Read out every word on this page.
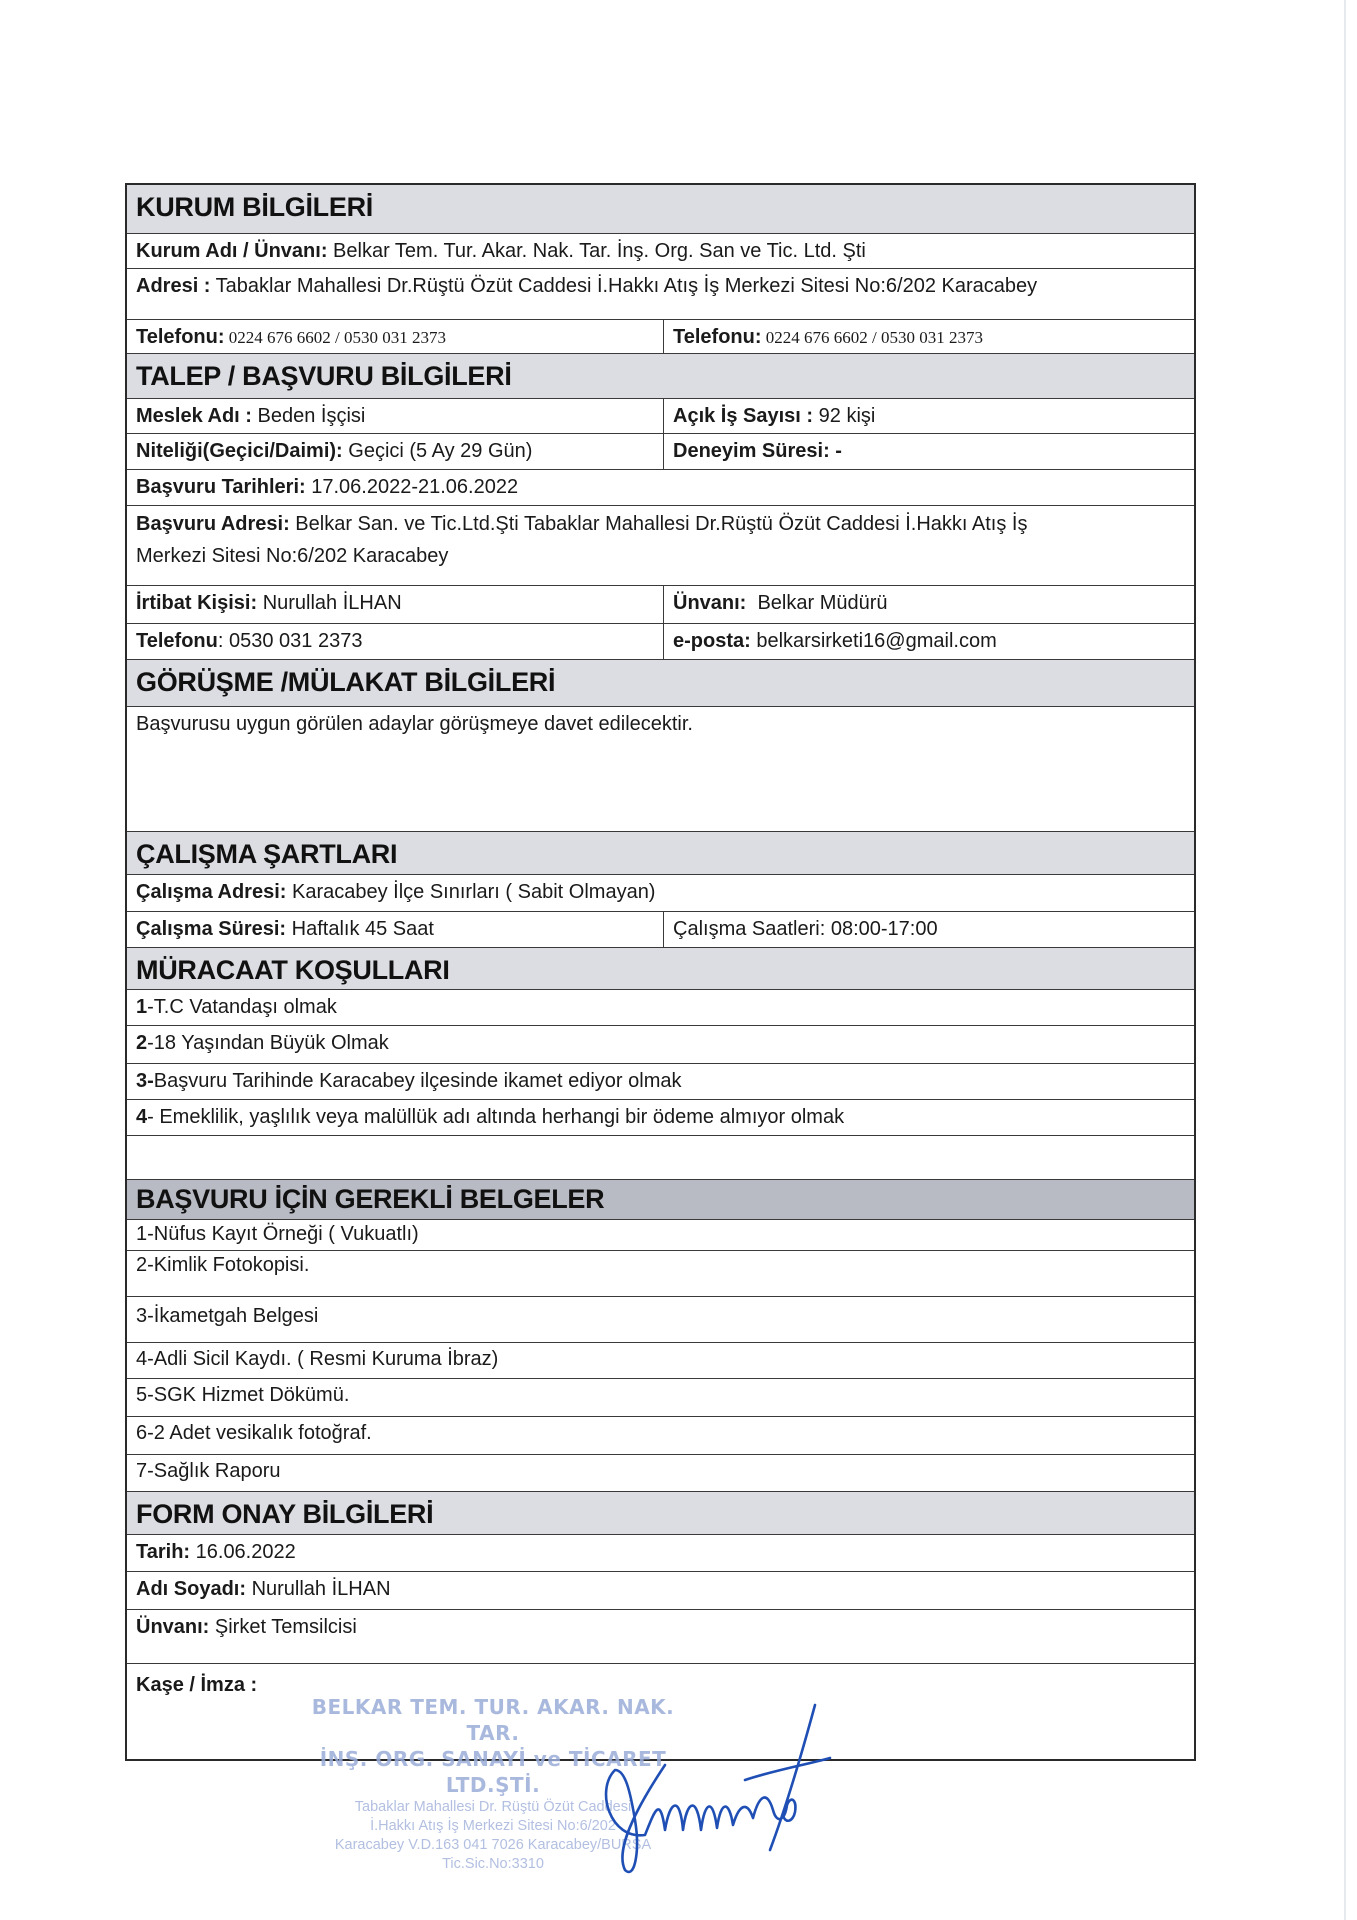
KURUM BİLGİLERİ
Kurum Adı / Ünvanı: Belkar Tem. Tur. Akar. Nak. Tar. İnş. Org. San ve Tic. Ltd. Şti
Adresi : Tabaklar Mahallesi Dr.Rüştü Özüt Caddesi İ.Hakkı Atış İş Merkezi Sitesi No:6/202 Karacabey
Telefonu: 0224 676 6602 / 0530 031 2373	Telefonu: 0224 676 6602 / 0530 031 2373
TALEP / BAŞVURU BİLGİLERİ
Meslek Adı : Beden İşçisi	Açık İş Sayısı : 92 kişi
Niteliği(Geçici/Daimi): Geçici (5 Ay 29 Gün)	Deneyim Süresi: -
Başvuru Tarihleri: 17.06.2022-21.06.2022
Başvuru Adresi: Belkar San. ve Tic.Ltd.Şti Tabaklar Mahallesi Dr.Rüştü Özüt Caddesi İ.Hakkı Atış İş Merkezi Sitesi No:6/202 Karacabey
İrtibat Kişisi: Nurullah İLHAN	Ünvanı:  Belkar Müdürü
Telefonu: 0530 031 2373	e-posta: belkarsirketi16@gmail.com
GÖRÜŞME /MÜLAKAT BİLGİLERİ
Başvurusu uygun görülen adaylar görüşmeye davet edilecektir.
ÇALIŞMA ŞARTLARI
Çalışma Adresi: Karacabey İlçe Sınırları ( Sabit Olmayan)
Çalışma Süresi: Haftalık 45 Saat	Çalışma Saatleri: 08:00-17:00
MÜRACAAT KOŞULLARI
1-T.C Vatandaşı olmak
2-18 Yaşından Büyük Olmak
3-Başvuru Tarihinde Karacabey ilçesinde ikamet ediyor olmak
4- Emeklilik, yaşlılık veya malüllük adı altında herhangi bir ödeme almıyor olmak
BAŞVURU İÇİN GEREKLİ BELGELER
1-Nüfus Kayıt Örneği ( Vukuatlı)
2-Kimlik Fotokopisi.
3-İkametgah Belgesi
4-Adli Sicil Kaydı. ( Resmi Kuruma İbraz)
5-SGK Hizmet Dökümü.
6-2 Adet vesikalık fotoğraf.
7-Sağlık Raporu
FORM ONAY BİLGİLERİ
Tarih: 16.06.2022
Adı Soyadı: Nurullah İLHAN
Ünvanı: Şirket Temsilcisi
Kaşe / İmza :
BELKAR TEM. TUR. AKAR. NAK. TAR.
İNŞ. ORG. SANAYİ ve TİCARET LTD.ŞTİ.
Tabaklar Mahallesi Dr. Rüştü Özüt Caddesi
İ.Hakkı Atış İş Merkezi Sitesi No:6/202
Karacabey V.D.163 041 7026 Karacabey/BURSA
Tic.Sic.No:3310
